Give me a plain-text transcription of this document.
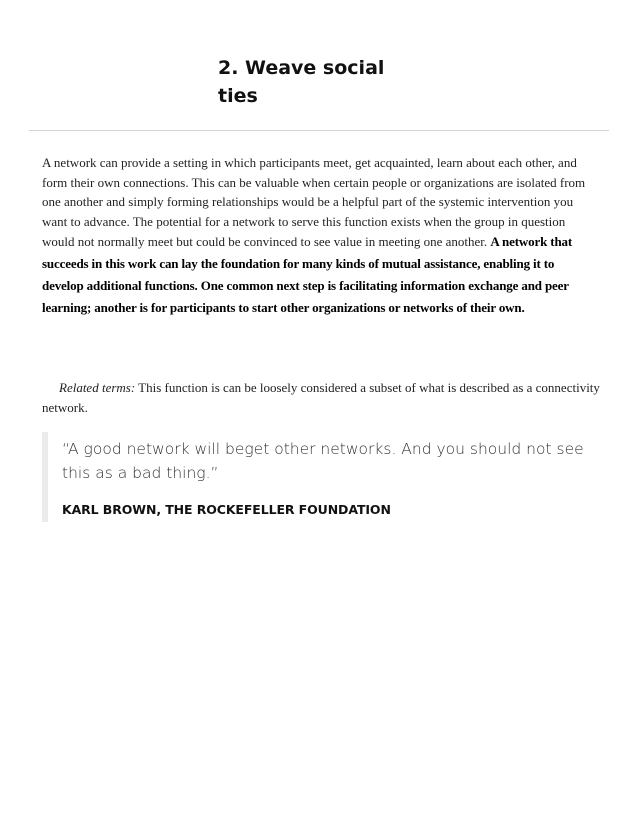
2. Weave social
ties

A network can provide a setting in which participants meet, get acquainted, learn about each other, and form their own connections. This can be valuable when certain people or organizations are isolated from one another and simply forming relationships would be a helpful part of the systemic intervention you want to advance. The potential for a network to serve this function exists when the group in question would not normally meet but could be convinced to see value in meeting one another. A network that succeeds in this work can lay the foundation for many kinds of mutual assistance, enabling it to develop additional functions. One common next step is facilitating information exchange and peer learning; another is for participants to start other organizations or networks of their own.

Related terms: This function is can be loosely considered a subset of what is described as a connectivity network.

“A good network will beget other networks. And you should not see this as a bad thing.”

KARL BROWN, THE ROCKEFELLER FOUNDATION
